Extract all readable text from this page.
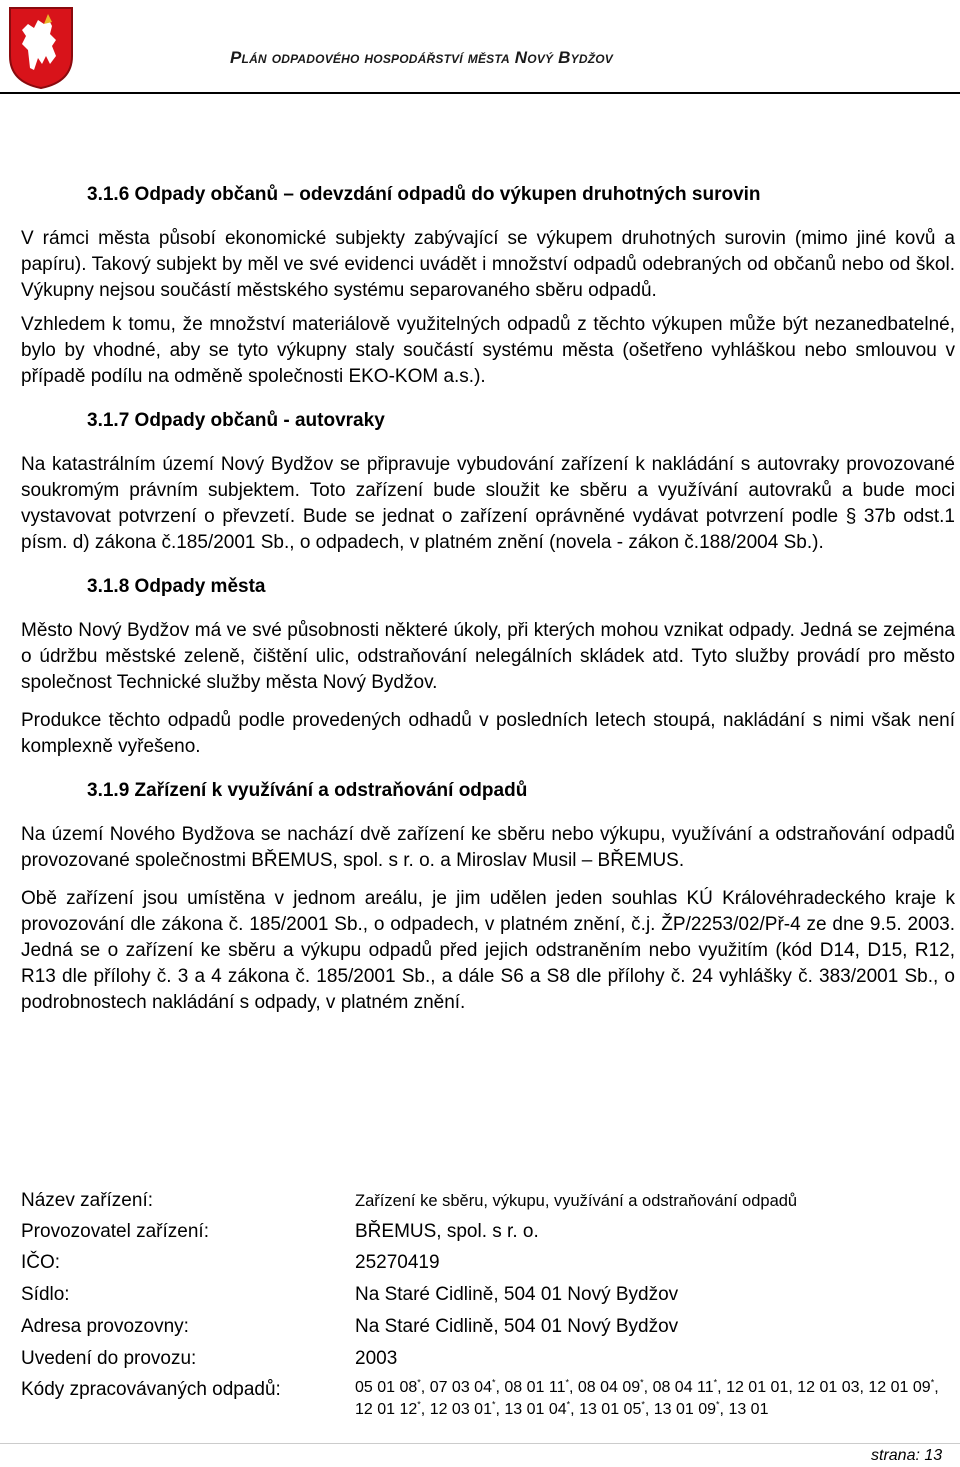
Plán odpadového hospodářství města Nový Bydžov
3.1.6 Odpady občanů – odevzdání odpadů do výkupen druhotných surovin

V rámci města působí ekonomické subjekty zabývající se výkupem druhotných surovin (mimo jiné kovů a papíru). Takový subjekt by měl ve své evidenci uvádět i množství odpadů odebraných od občanů nebo od škol. Výkupny nejsou součástí městského systému separovaného sběru odpadů.

Vzhledem k tomu, že množství materiálově využitelných odpadů z těchto výkupen může být nezanedbatelné, bylo by vhodné, aby se tyto výkupny staly součástí systému města (ošetřeno vyhláškou nebo smlouvou v případě podílu na odměně společnosti EKO-KOM a.s.).

3.1.7 Odpady občanů - autovraky

Na katastrálním území Nový Bydžov se připravuje vybudování zařízení k nakládání s autovraky provozované soukromým právním subjektem. Toto zařízení bude sloužit ke sběru a využívání autovraků a bude moci vystavovat potvrzení o převzetí. Bude se jednat o zařízení oprávněné vydávat potvrzení podle § 37b odst.1 písm. d) zákona č.185/2001 Sb., o odpadech, v platném znění (novela - zákon č.188/2004 Sb.).

3.1.8 Odpady města

Město Nový Bydžov má ve své působnosti některé úkoly, při kterých mohou vznikat odpady. Jedná se zejména o údržbu městské zeleně, čištění ulic, odstraňování nelegálních skládek atd. Tyto služby provádí pro město společnost Technické služby města Nový Bydžov.

Produkce těchto odpadů podle provedených odhadů v posledních letech stoupá, nakládání s nimi však není komplexně vyřešeno.

3.1.9 Zařízení k využívání a odstraňování odpadů

Na území Nového Bydžova se nachází dvě zařízení ke sběru nebo výkupu, využívání a odstraňování odpadů provozované společnostmi BŘEMUS, spol. s r. o. a Miroslav Musil – BŘEMUS.

Obě zařízení jsou umístěna v jednom areálu, je jim udělen jeden souhlas KÚ Královéhradeckého kraje k provozování dle zákona č. 185/2001 Sb., o odpadech, v platném znění, č.j. ŽP/2253/02/Př-4 ze dne 9.5. 2003. Jedná se o zařízení ke sběru a výkupu odpadů před jejich odstraněním nebo využitím (kód D14, D15, R12, R13 dle přílohy č. 3 a 4 zákona č. 185/2001 Sb., a dále S6 a S8 dle přílohy č. 24 vyhlášky č. 383/2001 Sb., o podrobnostech nakládání s odpady, v platném znění.

Název zařízení:	Zařízení ke sběru, výkupu, využívání a odstraňování odpadů
Provozovatel zařízení:	BŘEMUS, spol. s r. o.
IČO:	25270419
Sídlo:	Na Staré Cidlině, 504 01 Nový Bydžov
Adresa provozovny:	Na Staré Cidlině, 504 01 Nový Bydžov
Uvedení do provozu:	2003
Kódy zpracovávaných odpadů:	05 01 08*, 07 03 04*, 08 01 11*, 08 04 09*, 08 04 11*, 12 01 01, 12 01 03, 12 01 09*, 12 01 12*, 12 03 01*, 13 01 04*, 13 01 05*, 13 01 09*, 13 01
strana: 13
